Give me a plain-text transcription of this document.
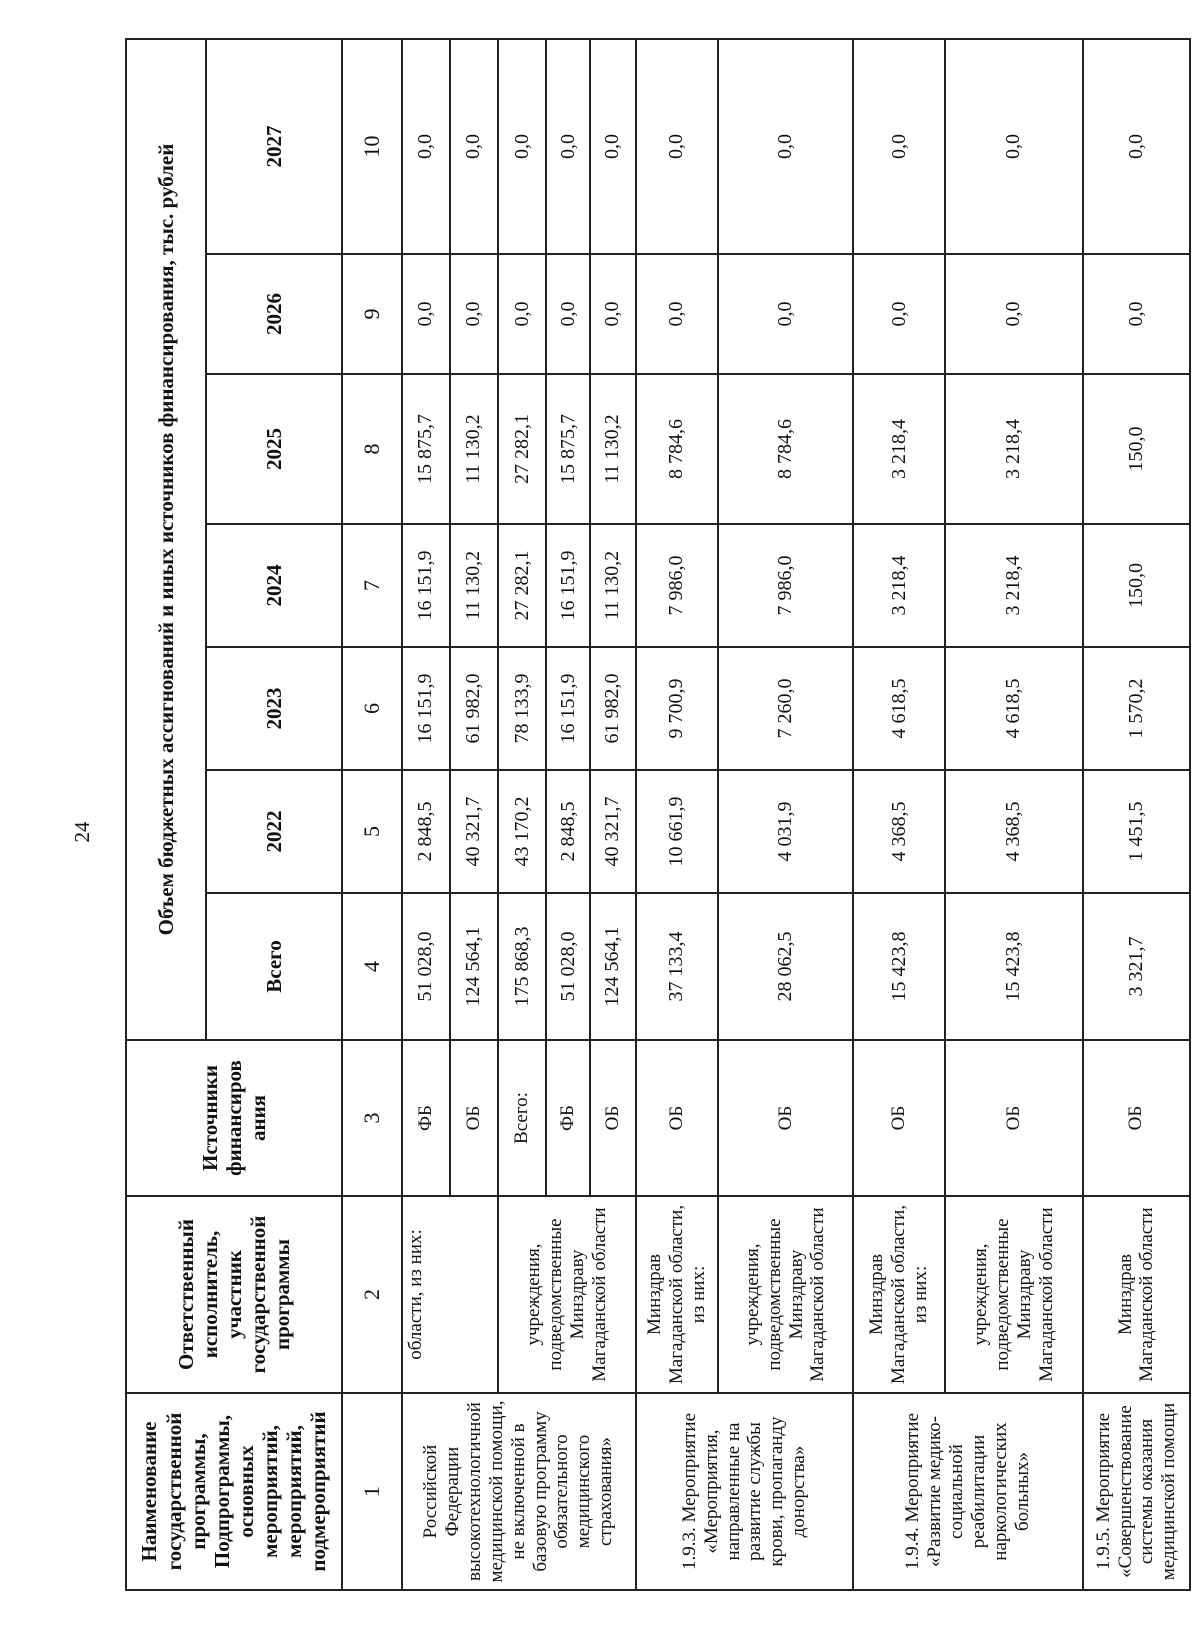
24
Наименование государственной программы, Подпрограммы, основных мероприятий, мероприятий, подмероприятий	Ответственный исполнитель, участник государственной программы	Источники финансиров ания	Объем бюджетных ассигнований и иных источников финансирования, тыс. рублей						
			Всего	2022	2023	2024	2025	2026	2027
1	2	3	4	5	6	7	8	9	10
Российской Федерации высокотехнологичной медицинской помощи, не включенной в базовую программу обязательного медицинского страхования»	области, из них:	ФБ	51 028,0	2 848,5	16 151,9	16 151,9	15 875,7	0,0	0,0
		ОБ	124 564,1	40 321,7	61 982,0	11 130,2	11 130,2	0,0	0,0
	учреждения, подведомственные Минздраву Магаданской области	Всего:	175 868,3	43 170,2	78 133,9	27 282,1	27 282,1	0,0	0,0
		ФБ	51 028,0	2 848,5	16 151,9	16 151,9	15 875,7	0,0	0,0
		ОБ	124 564,1	40 321,7	61 982,0	11 130,2	11 130,2	0,0	0,0
1.9.3. Мероприятие «Мероприятия, направленные на развитие службы крови, пропаганду донорства»	Минздрав Магаданской области, из них:	ОБ	37 133,4	10 661,9	9 700,9	7 986,0	8 784,6	0,0	0,0
	учреждения, подведомственные Минздраву Магаданской области	ОБ	28 062,5	4 031,9	7 260,0	7 986,0	8 784,6	0,0	0,0
1.9.4. Мероприятие «Развитие медико-социальной реабилитации наркологических больных»	Минздрав Магаданской области, из них:	ОБ	15 423,8	4 368,5	4 618,5	3 218,4	3 218,4	0,0	0,0
	учреждения, подведомственные Минздраву Магаданской области	ОБ	15 423,8	4 368,5	4 618,5	3 218,4	3 218,4	0,0	0,0
1.9.5. Мероприятие «Совершенствование системы оказания медицинской помощи	Минздрав Магаданской области	ОБ	3 321,7	1 451,5	1 570,2	150,0	150,0	0,0	0,0
